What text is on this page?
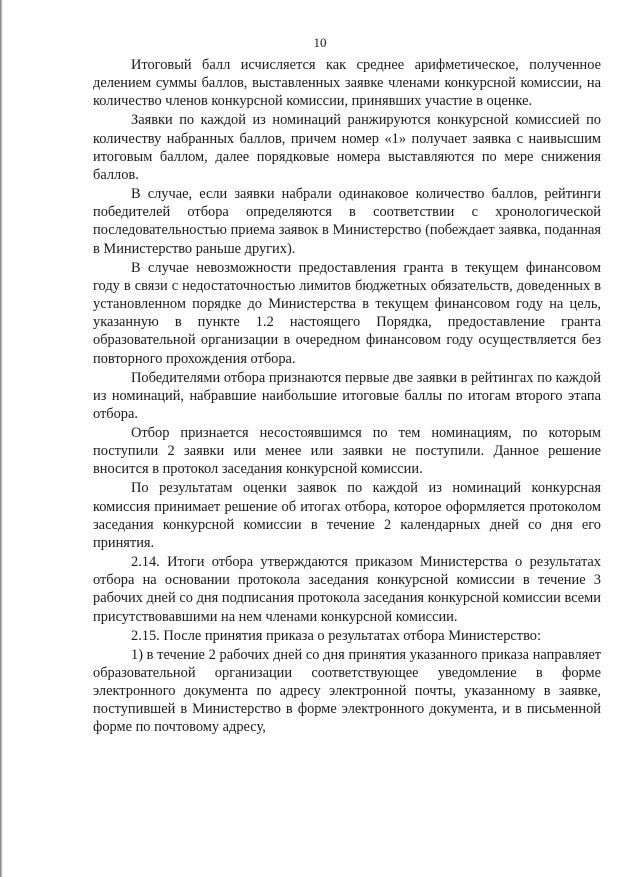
10

Итоговый балл исчисляется как среднее арифметическое, полученное делением суммы баллов, выставленных заявке членами конкурсной комиссии, на количество членов конкурсной комиссии, принявших участие в оценке.

Заявки по каждой из номинаций ранжируются конкурсной комиссией по количеству набранных баллов, причем номер «1» получает заявка с наивысшим итоговым баллом, далее порядковые номера выставляются по мере снижения баллов.

В случае, если заявки набрали одинаковое количество баллов, рейтинги победителей отбора определяются в соответствии с хронологической последовательностью приема заявок в Министерство (побеждает заявка, поданная в Министерство раньше других).

В случае невозможности предоставления гранта в текущем финансовом году в связи с недостаточностью лимитов бюджетных обязательств, доведенных в установленном порядке до Министерства в текущем финансовом году на цель, указанную в пункте 1.2 настоящего Порядка, предоставление гранта образовательной организации в очередном финансовом году осуществляется без повторного прохождения отбора.

Победителями отбора признаются первые две заявки в рейтингах по каждой из номинаций, набравшие наибольшие итоговые баллы по итогам второго этапа отбора.

Отбор признается несостоявшимся по тем номинациям, по которым поступили 2 заявки или менее или заявки не поступили. Данное решение вносится в протокол заседания конкурсной комиссии.

По результатам оценки заявок по каждой из номинаций конкурсная комиссия принимает решение об итогах отбора, которое оформляется протоколом заседания конкурсной комиссии в течение 2 календарных дней со дня его принятия.

2.14. Итоги отбора утверждаются приказом Министерства о результатах отбора на основании протокола заседания конкурсной комиссии в течение 3 рабочих дней со дня подписания протокола заседания конкурсной комиссии всеми присутствовавшими на нем членами конкурсной комиссии.

2.15. После принятия приказа о результатах отбора Министерство:

1) в течение 2 рабочих дней со дня принятия указанного приказа направляет образовательной организации соответствующее уведомление в форме электронного документа по адресу электронной почты, указанному в заявке, поступившей в Министерство в форме электронного документа, и в письменной форме по почтовому адресу,
